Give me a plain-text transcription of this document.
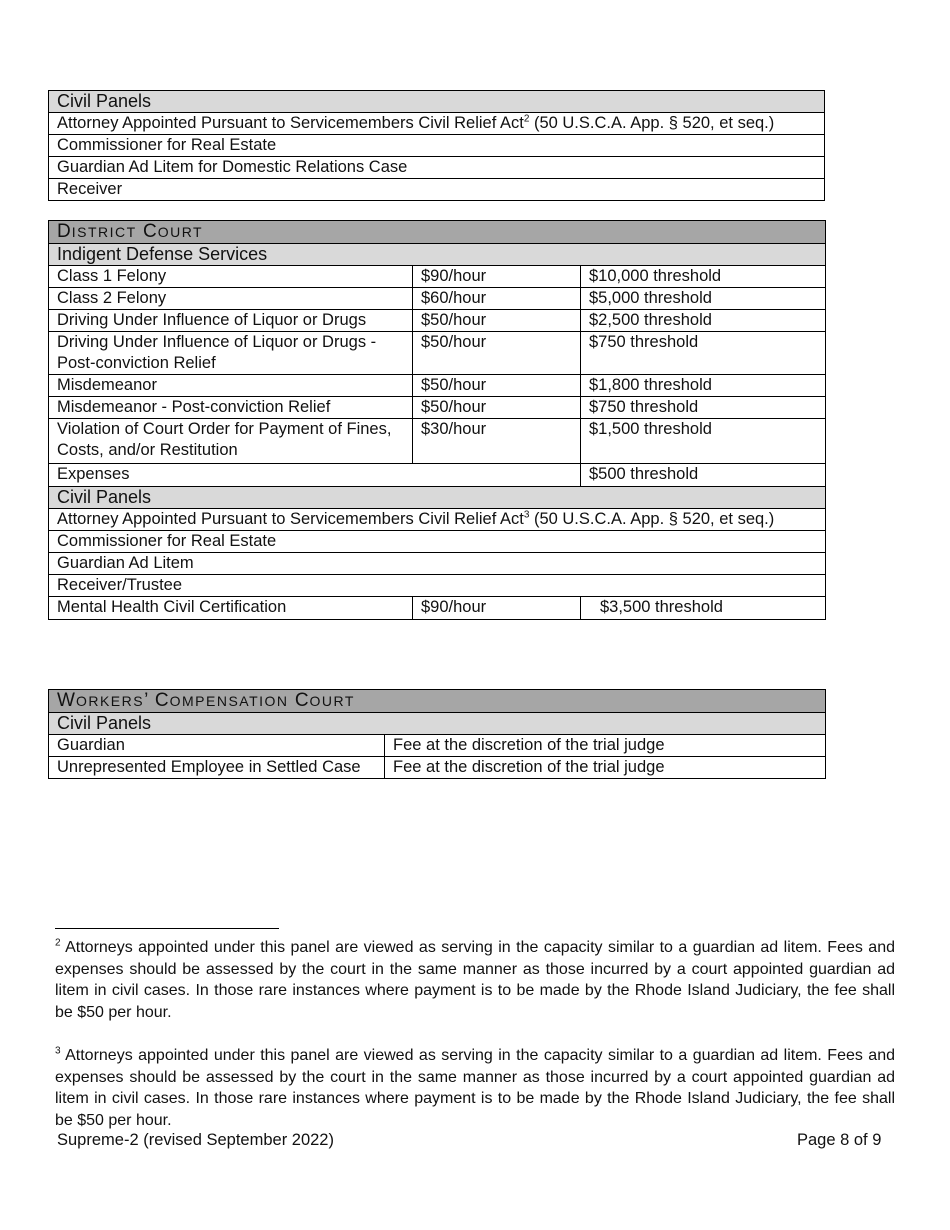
Civil Panels
Attorney Appointed Pursuant to Servicemembers Civil Relief Act$^2$ (50 U.S.C.A. App. § 520, et seq.)
Commissioner for Real Estate
Guardian Ad Litem for Domestic Relations Case
Receiver
DISTRICT COURT		
Indigent Defense Services		
Class 1 Felony	$90/hour	$10,000 threshold
Class 2 Felony	$60/hour	$5,000 threshold
Driving Under Influence of Liquor or Drugs	$50/hour	$2,500 threshold
Driving Under Influence of Liquor or Drugs - Post-conviction Relief	$50/hour	$750 threshold
Misdemeanor	$50/hour	$1,800 threshold
Misdemeanor - Post-conviction Relief	$50/hour	$750 threshold
Violation of Court Order for Payment of Fines, Costs, and/or Restitution	$30/hour	$1,500 threshold
Expenses		$500 threshold
Civil Panels		
Attorney Appointed Pursuant to Servicemembers Civil Relief Act$^3$ (50 U.S.C.A. App. § 520, et seq.)		
Commissioner for Real Estate		
Guardian Ad Litem		
Receiver/Trustee		
Mental Health Civil Certification	$90/hour	$3,500 threshold
WORKERS’ COMPENSATION COURT	
Civil Panels	
Guardian	Fee at the discretion of the trial judge
Unrepresented Employee in Settled Case	Fee at the discretion of the trial judge
$^2$ Attorneys appointed under this panel are viewed as serving in the capacity similar to a guardian ad litem. Fees and expenses should be assessed by the court in the same manner as those incurred by a court appointed guardian ad litem in civil cases. In those rare instances where payment is to be made by the Rhode Island Judiciary, the fee shall be $50 per hour.
$^3$ Attorneys appointed under this panel are viewed as serving in the capacity similar to a guardian ad litem. Fees and expenses should be assessed by the court in the same manner as those incurred by a court appointed guardian ad litem in civil cases. In those rare instances where payment is to be made by the Rhode Island Judiciary, the fee shall be $50 per hour.
Supreme-2 (revised September 2022)	Page 8 of 9
